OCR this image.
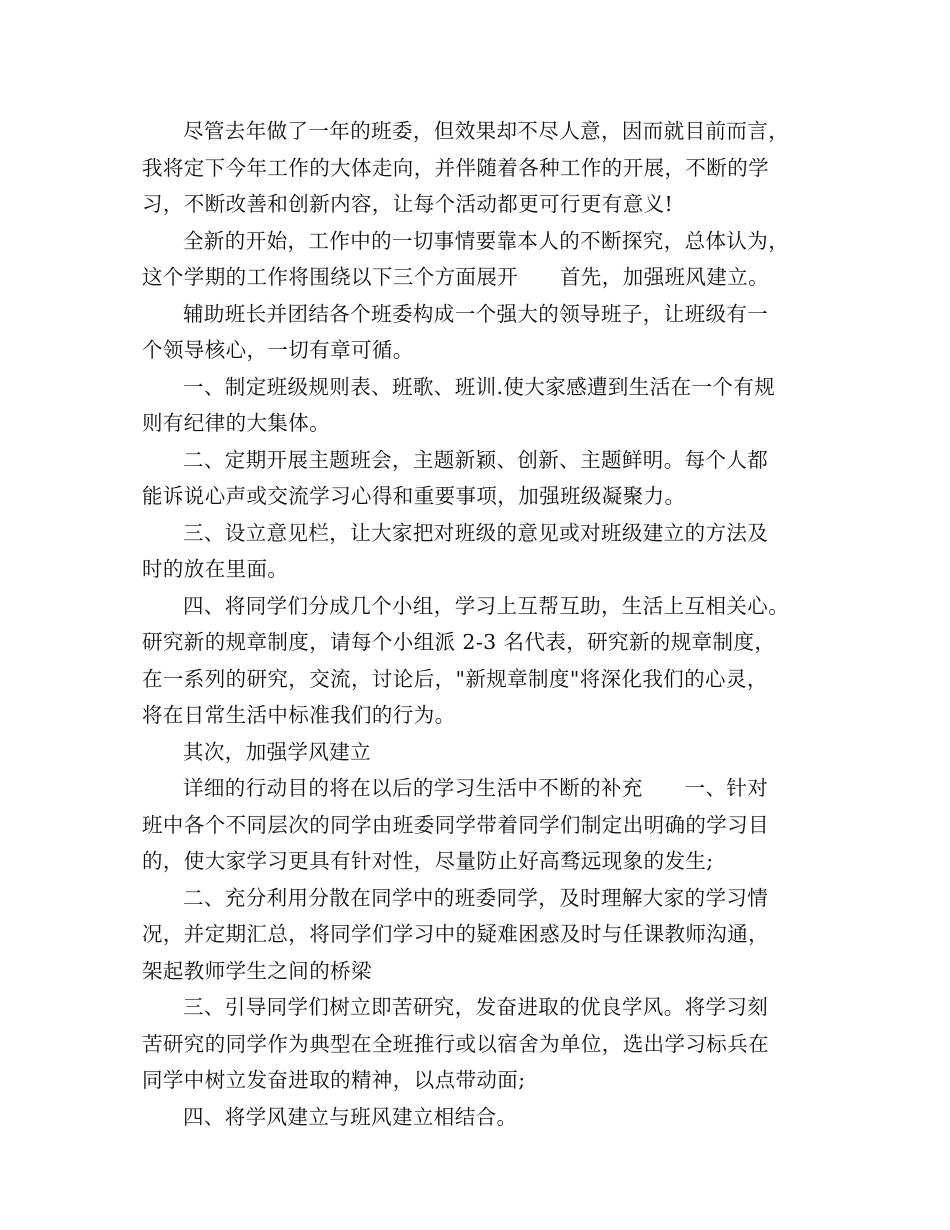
尽管去年做了一年的班委，但效果却不尽人意，因而就目前而言，
我将定下今年工作的大体走向，并伴随着各种工作的开展，不断的学
习，不断改善和创新内容，让每个活动都更可行更有意义!
全新的开始，工作中的一切事情要靠本人的不断探究，总体认为，
这个学期的工作将围绕以下三个方面展开　　首先，加强班风建立。
辅助班长并团结各个班委构成一个强大的领导班子，让班级有一
个领导核心，一切有章可循。
一、制定班级规则表、班歌、班训.使大家感遭到生活在一个有规
则有纪律的大集体。
二、定期开展主题班会，主题新颖、创新、主题鲜明。每个人都
能诉说心声或交流学习心得和重要事项，加强班级凝聚力。
三、设立意见栏，让大家把对班级的意见或对班级建立的方法及
时的放在里面。
四、将同学们分成几个小组，学习上互帮互助，生活上互相关心。
研究新的规章制度，请每个小组派 2-3 名代表，研究新的规章制度，
在一系列的研究，交流，讨论后，"新规章制度"将深化我们的心灵，
将在日常生活中标准我们的行为。
其次，加强学风建立
详细的行动目的将在以后的学习生活中不断的补充　　一、针对
班中各个不同层次的同学由班委同学带着同学们制定出明确的学习目
的，使大家学习更具有针对性，尽量防止好高骛远现象的发生;
二、充分利用分散在同学中的班委同学，及时理解大家的学习情
况，并定期汇总，将同学们学习中的疑难困惑及时与任课教师沟通，
架起教师学生之间的桥梁
三、引导同学们树立即苦研究，发奋进取的优良学风。将学习刻
苦研究的同学作为典型在全班推行或以宿舍为单位，选出学习标兵在
同学中树立发奋进取的精神，以点带动面;
四、将学风建立与班风建立相结合。
